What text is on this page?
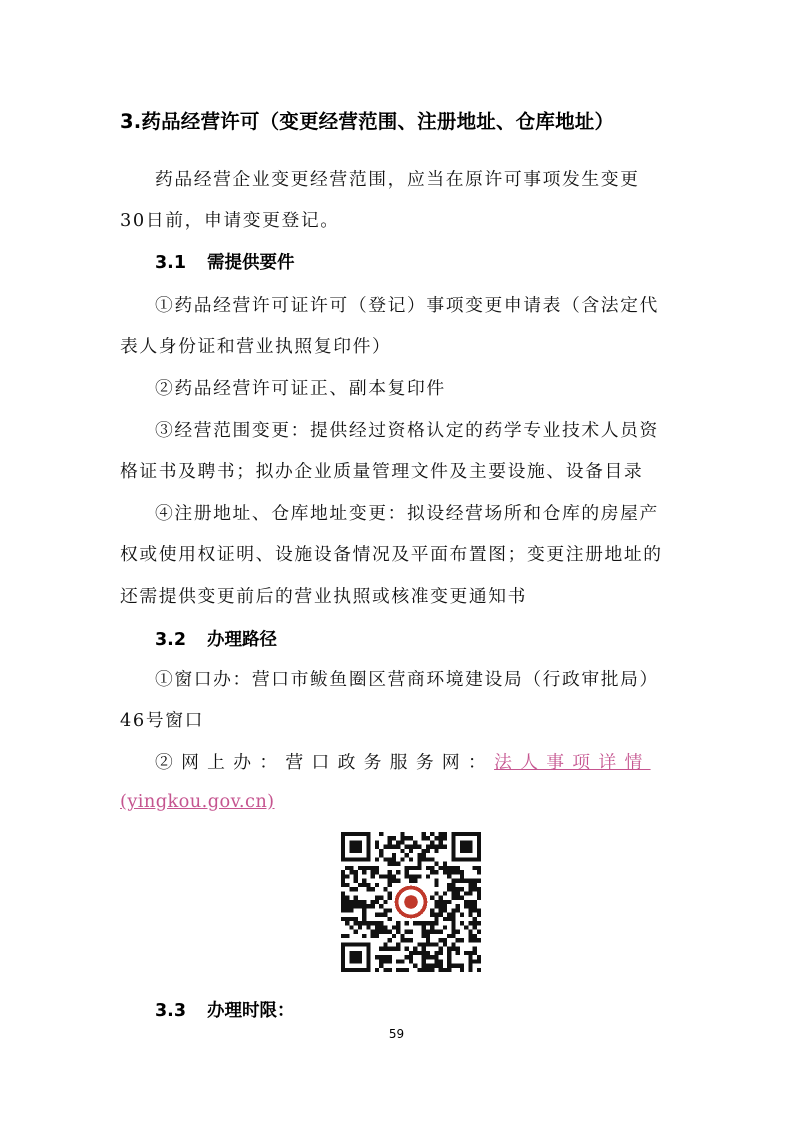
3.药品经营许可（变更经营范围、注册地址、仓库地址）
药品经营企业变更经营范围，应当在原许可事项发生变更
30日前，申请变更登记。
3.1 需提供要件
①药品经营许可证许可（登记）事项变更申请表（含法定代
表人身份证和营业执照复印件）
②药品经营许可证正、副本复印件
③经营范围变更：提供经过资格认定的药学专业技术人员资
格证书及聘书；拟办企业质量管理文件及主要设施、设备目录
④注册地址、仓库地址变更：拟设经营场所和仓库的房屋产
权或使用权证明、设施设备情况及平面布置图；变更注册地址的
还需提供变更前后的营业执照或核准变更通知书
3.2 办理路径
①窗口办：营口市鲅鱼圈区营商环境建设局（行政审批局）
46号窗口
②网上办：营口政务服务网：法人事项详情
(yingkou.gov.cn)
3.3 办理时限：
59
